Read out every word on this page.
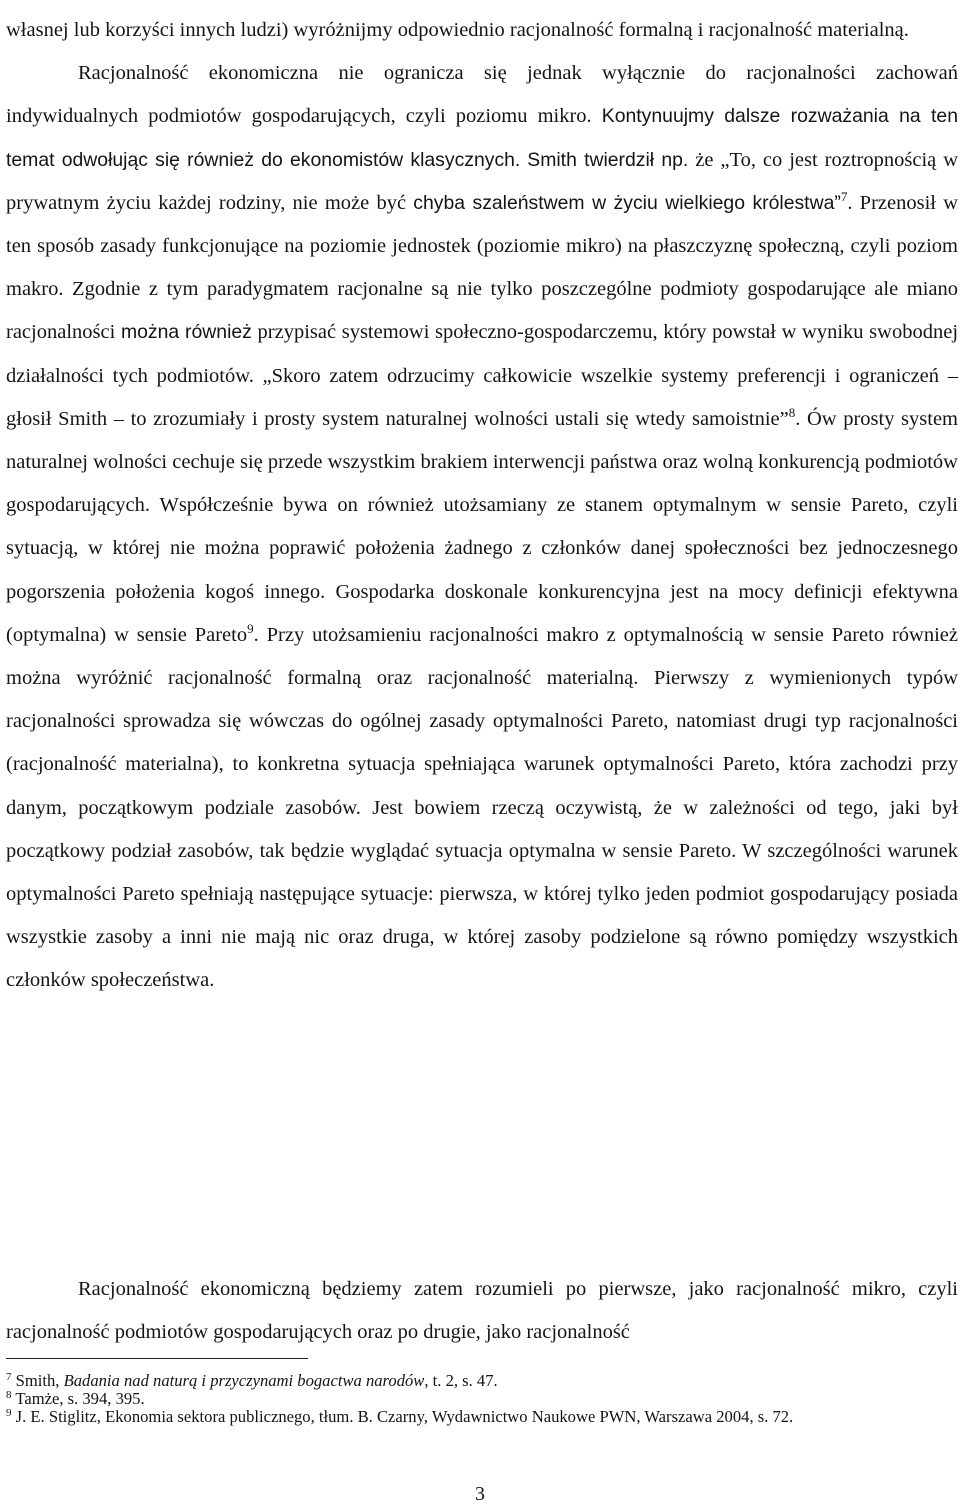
własnej lub korzyści innych ludzi) wyróżnijmy odpowiednio racjonalność formalną i racjonalność materialną.
Racjonalność ekonomiczna nie ogranicza się jednak wyłącznie do racjonalności zachowań indywidualnych podmiotów gospodarujących, czyli poziomu mikro. Kontynuujmy dalsze rozważania na ten temat odwołując się również do ekonomistów klasycznych. Smith twierdził np. że „To, co jest roztropnością w prywatnym życiu każdej rodziny, nie może być chyba szaleństwem w życiu wielkiego królestwa”$^7$. Przenosił w ten sposób zasady funkcjonujące na poziomie jednostek (poziomie mikro) na płaszczyznę społeczną, czyli poziom makro. Zgodnie z tym paradygmatem racjonalne są nie tylko poszczególne podmioty gospodarujące ale miano racjonalności można również przypisać systemowi społeczno-gospodarczemu, który powstał w wyniku swobodnej działalności tych podmiotów. „Skoro zatem odrzucimy całkowicie wszelkie systemy preferencji i ograniczeń – głosił Smith – to zrozumiały i prosty system naturalnej wolności ustali się wtedy samoistnie”$^8$. Ów prosty system naturalnej wolności cechuje się przede wszystkim brakiem interwencji państwa oraz wolną konkurencją podmiotów gospodarujących. Współcześnie bywa on również utożsamiany ze stanem optymalnym w sensie Pareto, czyli sytuacją, w której nie można poprawić położenia żadnego z członków danej społeczności bez jednoczesnego pogorszenia położenia kogoś innego. Gospodarka doskonale konkurencyjna jest na mocy definicji efektywna (optymalna) w sensie Pareto$^9$. Przy utożsamieniu racjonalności makro z optymalnością w sensie Pareto również można wyróżnić racjonalność formalną oraz racjonalność materialną. Pierwszy z wymienionych typów racjonalności sprowadza się wówczas do ogólnej zasady optymalności Pareto, natomiast drugi typ racjonalności (racjonalność materialna), to konkretna sytuacja spełniająca warunek optymalności Pareto, która zachodzi przy danym, początkowym podziale zasobów. Jest bowiem rzeczą oczywistą, że w zależności od tego, jaki był początkowy podział zasobów, tak będzie wyglądać sytuacja optymalna w sensie Pareto. W szczególności warunek optymalności Pareto spełniają następujące sytuacje: pierwsza, w której tylko jeden podmiot gospodarujący posiada wszystkie zasoby a inni nie mają nic oraz druga, w której zasoby podzielone są równo pomiędzy wszystkich członków społeczeństwa.

Racjonalność ekonomiczną będziemy zatem rozumieli po pierwsze, jako racjonalność mikro, czyli racjonalność podmiotów gospodarujących oraz po drugie, jako racjonalność

$^7$ Smith, Badania nad naturą i przyczynami bogactwa narodów, t. 2, s. 47.

$^8$ Tamże, s. 394, 395.

$^9$ J. E. Stiglitz, Ekonomia sektora publicznego, tłum. B. Czarny, Wydawnictwo Naukowe PWN, Warszawa 2004, s. 72.

3
